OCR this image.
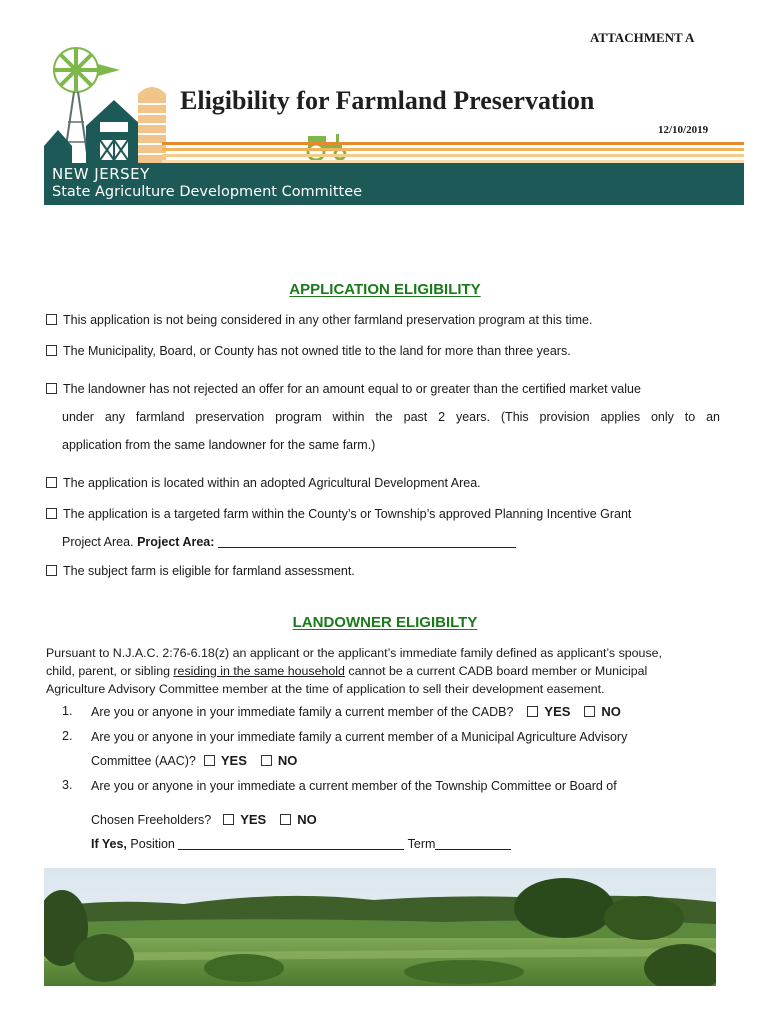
ATTACHMENT A
Eligibility for Farmland Preservation
12/10/2019
NEW JERSEY
State Agriculture Development Committee
APPLICATION ELIGIBILITY
This application is not being considered in any other farmland preservation program at this time.
The Municipality, Board, or County has not owned title to the land for more than three years.
The landowner has not rejected an offer for an amount equal to or greater than the certified market value
under any farmland preservation program within the past 2 years. (This provision applies only to an
application from the same landowner for the same farm.)
The application is located within an adopted Agricultural Development Area.
The application is a targeted farm within the County’s or Township’s approved Planning Incentive Grant
Project Area. Project Area:
The subject farm is eligible for farmland assessment.
LANDOWNER ELIGIBILTY
Pursuant to N.J.A.C. 2:76-6.18(z) an applicant or the applicant’s immediate family defined as applicant’s spouse,
child, parent, or sibling residing in the same household cannot be a current CADB board member or Municipal
Agriculture Advisory Committee member at the time of application to sell their development easement.
1. Are you or anyone in your immediate family a current member of the CADB? YES NO
2. Are you or anyone in your immediate family a current member of a Municipal Agriculture Advisory
Committee (AAC)? YES NO
3. Are you or anyone in your immediate a current member of the Township Committee or Board of
Chosen Freeholders? YES NO
If Yes, Position	Term
